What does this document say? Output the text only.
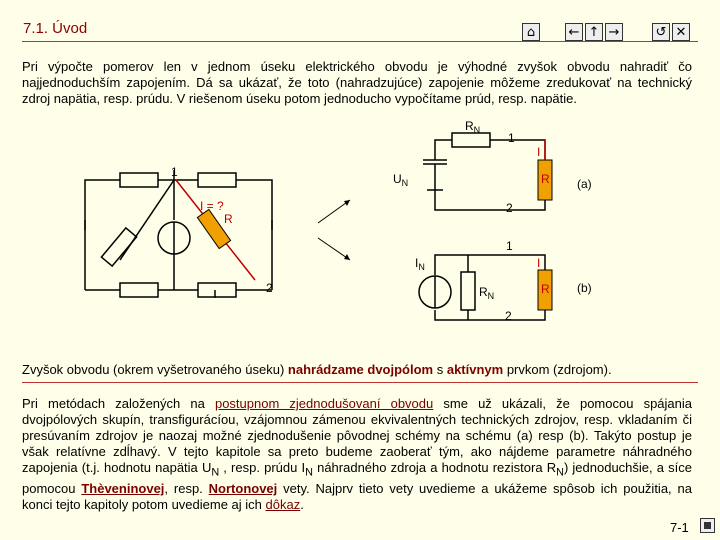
7.1. Úvod	⌂	← ↑ →	↺ ✕
Pri výpočte pomerov len v jednom úseku elektrického obvodu je výhodné zvyšok obvodu nahradiť čo najjednoduchším zapojením. Dá sa ukázať, že toto (nahradzujúce) zapojenie môžeme zredukovať na technický zdroj napätia, resp. prúdu. V riešenom úseku potom jednoducho vypočítame prúd, resp. napätie.
1
2
I = ?
R
$R_N$
1
I
R
$U_N$	(a)
2
$I_N$
1
I
$R_N$	R (b)
2
Zvyšok obvodu (okrem vyšetrovaného úseku) nahrádzame dvojpólom s aktívnym prvkom (zdrojom).
Pri metódach založených na postupnom zjednodušovaní obvodu sme už ukázali, že pomocou spájania dvojpólových skupín, transfigurácíou, vzájomnou zámenou ekvivalentných technických zdrojov, resp. vkladaním či presúvaním zdrojov je naozaj možné zjednodušenie pôvodnej schémy na schému (a) resp (b). Takýto postup je však relatívne zdĺhavý. V tejto kapitole sa preto budeme zaoberať tým, ako nájdeme parametre náhradného zapojenia (t.j. hodnotu napätia $U_N$ , resp. prúdu $I_N$ náhradného zdroja a hodnotu rezistora $R_N$) jednoduchšie, a síce pomocou Thèveninovej, resp. Nortonovej vety. Najprv tieto vety uvedieme a ukážeme spôsob ich použitia, na konci tejto kapitoly potom uvedieme aj ich dôkaz.
7-1
